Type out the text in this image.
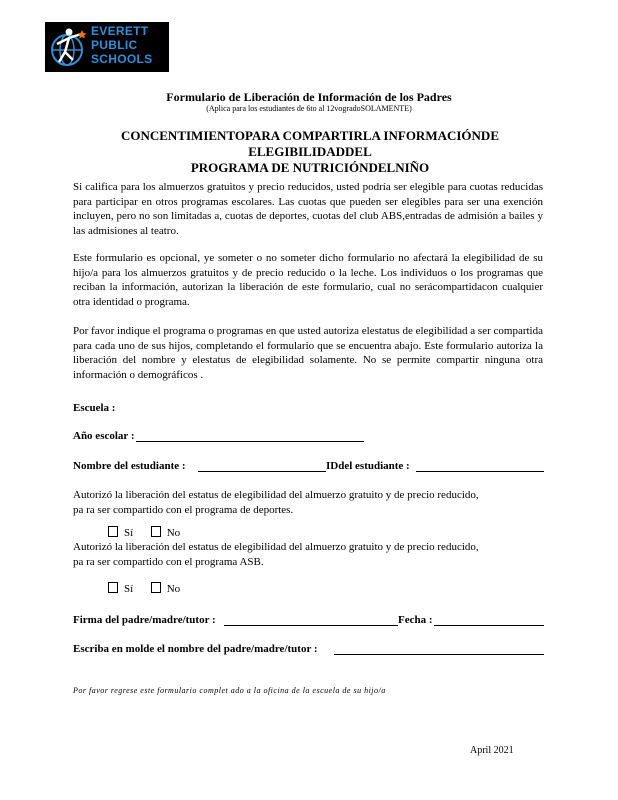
EVERETT
PUBLIC
SCHOOLS
Formulario de Liberación de Información de los Padres
(Aplica para los estudiantes de 6to al 12vogradoSOLAMENTE)
CONCENTIMIENTOPARA COMPARTIRLA INFORMACIÓNDE ELEGIBILIDADDEL
PROGRAMA DE NUTRICIÓNDELNIÑO
Si califica para los almuerzos gratuitos y precio reducidos, usted podría ser elegible para cuotas reducidas para participar en otros programas escolares. Las cuotas que pueden ser elegibles para ser una exención incluyen, pero no son limitadas a, cuotas de deportes, cuotas del club ABS,entradas de admisión a bailes y las admisiones al teatro.
Este formulario es opcional, ye someter o no someter dicho formulario no afectará la elegibilidad de su hijo/a para los almuerzos gratuitos y de precio reducido o la leche. Los individuos o los programas que reciban la información, autorizan la liberación de este formulario, cual no serácompartidacon cualquier otra identidad o programa.
Por favor indique el programa o programas en que usted autoriza elestatus de elegibilidad a ser compartida para cada uno de sus hijos, completando el formulario que se encuentra abajo. Este formulario autoriza la liberación del nombre y elestatus de elegibilidad solamente. No se permite compartir ninguna otra información o demográficos .
Escuela :
Año escolar :
Nombre del estudiante :	IDdel estudiante :
Autorizó la liberación del estatus de elegibilidad del almuerzo gratuito y de precio reducido,
pa ra ser compartido con el programa de deportes.
Sí	No
Autorizó la liberación del estatus de elegibilidad del almuerzo gratuito y de precio reducido,
pa ra ser compartido con el programa ASB.
Sí	No
Firma del padre/madre/tutor :	Fecha :
Escriba en molde el nombre del padre/madre/tutor :
Por favor regrese este formulario complet ado a la oficina de la escuela de su hijo/a
April 2021
